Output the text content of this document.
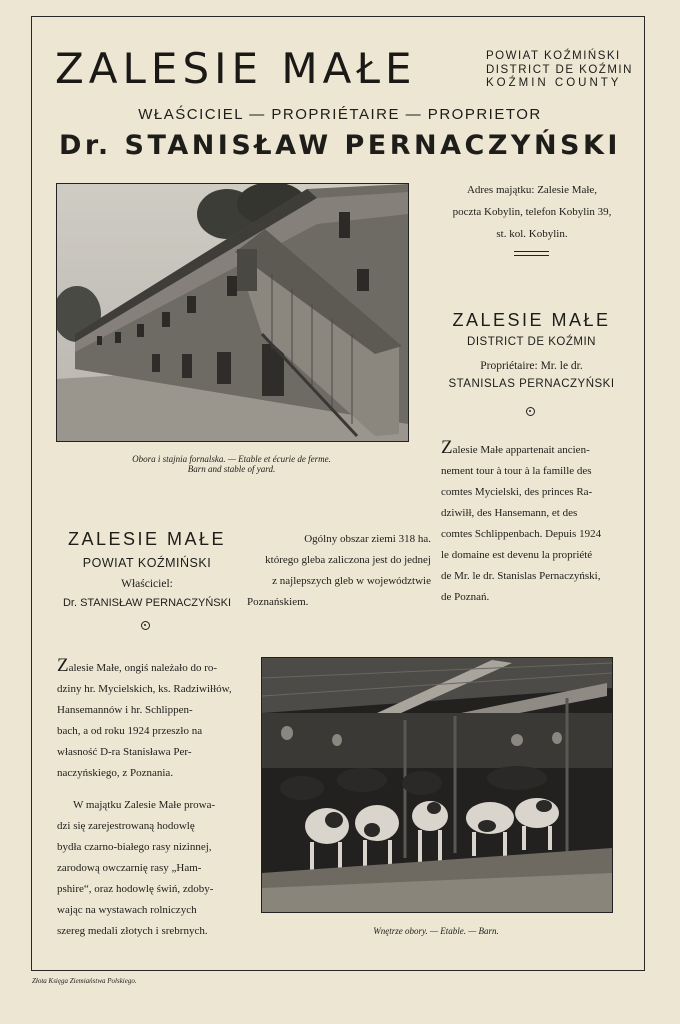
ZALESIE MAŁE	POWIAT KOŹMIŃSKI
DISTRICT DE KOŹMIN
KOŹMIN COUNTY
WŁAŚCICIEL — PROPRIÉTAIRE — PROPRIETOR
Dr. STANISŁAW PERNACZYŃSKI
Obora i stajnia fornalska. — Etable et écurie de ferme.
Barn and stable of yard.
Adres majątku: Zalesie Małe,
poczta Kobylin, telefon Kobylin 39,
st. kol. Kobylin.
ZALESIE MAŁE
DISTRICT DE KOŹMIN
Propriétaire: Mr. le dr.
STANISLAS PERNACZYŃSKI
Zalesie Małe appartenait ancien-
nement tour à tour à la famille des
comtes Mycielski, des princes Ra-
dziwiłł, des Hansemann, et des
comtes Schlippenbach. Depuis 1924
le domaine est devenu la propriété
de Mr. le dr. Stanislas Pernaczyński,
de Poznań.
ZALESIE MAŁE
POWIAT KOŹMIŃSKI
Właściciel:
Dr. STANISŁAW PERNACZYŃSKI
Ogólny obszar ziemi 318 ha.
którego gleba zaliczona jest do jednej
z najlepszych gleb w województwie
Poznańskiem.
Zalesie Małe, ongiś należało do ro-
dziny hr. Mycielskich, ks. Radziwiłłów,
Hansemannów i hr. Schlippen-
bach, a od roku 1924 przeszło na
własność D-ra Stanisława Per-
naczyńskiego, z Poznania.
W majątku Zalesie Małe prowa-
dzi się zarejestrowaną hodowlę
bydła czarno-białego rasy nizinnej,
zarodową owczarnię rasy „Ham-
pshire“, oraz hodowlę świń, zdoby-
wając na wystawach rolniczych
szereg medali złotych i srebrnych.	Wnętrze obory. — Etable. — Barn.
Złota Księga Ziemiaństwa Polskiego.
